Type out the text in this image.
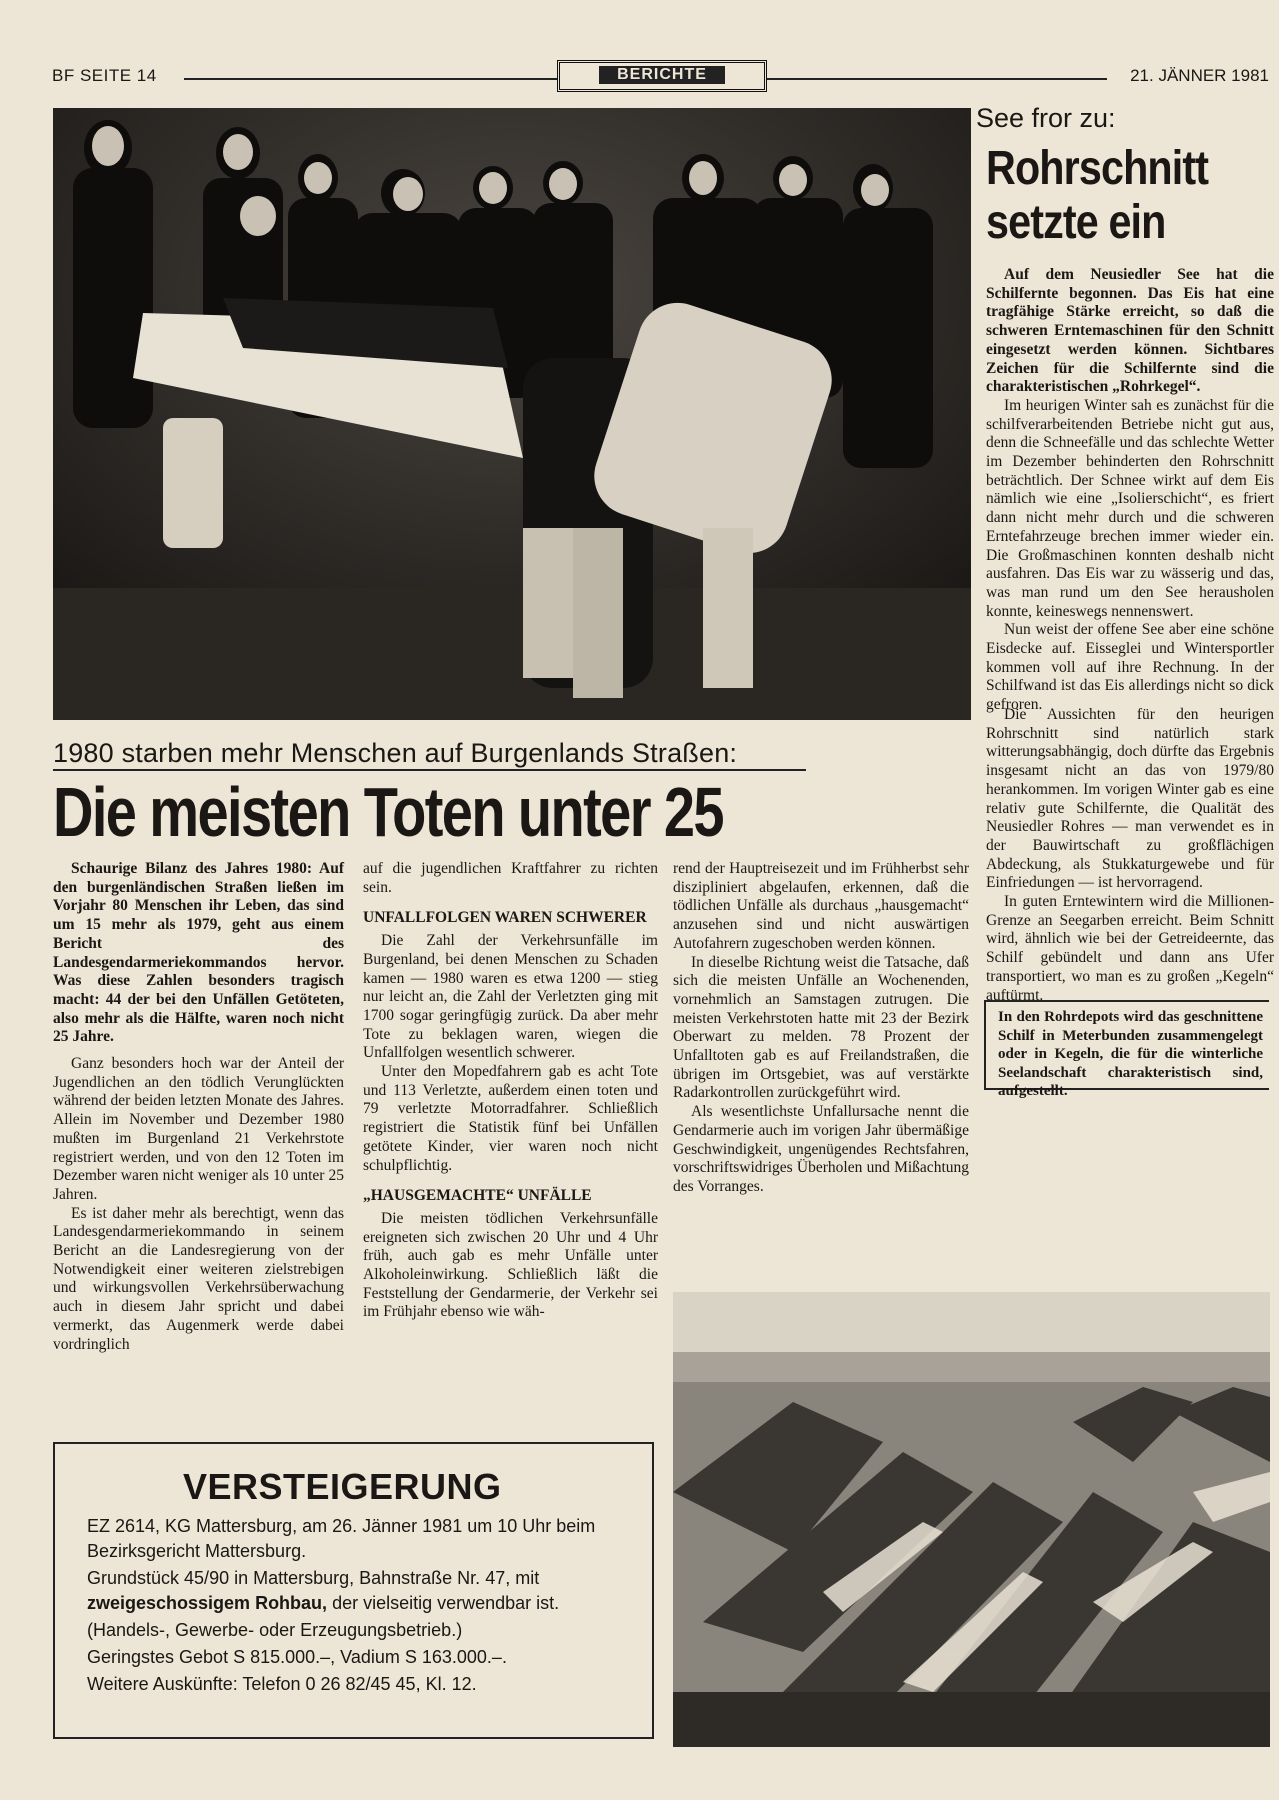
BF SEITE 14	BERICHTE	21. JÄNNER 1981
See fror zu:
Rohrschnitt
setzte ein

Auf dem Neusiedler See hat die Schilfernte begonnen. Das Eis hat eine tragfähige Stärke erreicht, so daß die schweren Erntemaschinen für den Schnitt eingesetzt werden können. Sichtbares Zeichen für die Schilfernte sind die charakteristischen „Rohrkegel“.

Im heurigen Winter sah es zunächst für die schilfverarbeitenden Betriebe nicht gut aus, denn die Schneefälle und das schlechte Wetter im Dezember behinderten den Rohrschnitt beträchtlich. Der Schnee wirkt auf dem Eis nämlich wie eine „Isolierschicht“, es friert dann nicht mehr durch und die schweren Erntefahrzeuge brechen immer wieder ein. Die Großmaschinen konnten deshalb nicht ausfahren. Das Eis war zu wässerig und das, was man rund um den See herausholen konnte, keineswegs nennenswert.

Nun weist der offene See aber eine schöne Eisdecke auf. Eisseglei und Wintersportler kommen voll auf ihre Rechnung. In der Schilfwand ist das Eis allerdings nicht so dick gefroren.

Die Aussichten für den heurigen Rohrschnitt sind natürlich stark witterungsabhängig, doch dürfte das Ergebnis insgesamt nicht an das von 1979/80 herankommen. Im vorigen Winter gab es eine relativ gute Schilfernte, die Qualität des Neusiedler Rohres — man verwendet es in der Bauwirtschaft zu großflächigen Abdeckung, als Stukkaturgewebe und für Einfriedungen — ist hervorragend.

In guten Erntewintern wird die Millionen-Grenze an Seegarben erreicht. Beim Schnitt wird, ähnlich wie bei der Getreideernte, das Schilf gebündelt und dann ans Ufer transportiert, wo man es zu großen „Kegeln“ auftürmt.

In den Rohrdepots wird das geschnittene Schilf in Meterbunden zusammengelegt oder in Kegeln, die für die winterliche Seelandschaft charakteristisch sind, aufgestellt.
1980 starben mehr Menschen auf Burgenlands Straßen:
Die meisten Toten unter 25

Schaurige Bilanz des Jahres 1980: Auf den burgenländischen Straßen ließen im Vorjahr 80 Menschen ihr Leben, das sind um 15 mehr als 1979, geht aus einem Bericht des Landesgendarmeriekommandos hervor. Was diese Zahlen besonders tragisch macht: 44 der bei den Unfällen Getöteten, also mehr als die Hälfte, waren noch nicht 25 Jahre.

Ganz besonders hoch war der Anteil der Jugendlichen an den tödlich Verunglückten während der beiden letzten Monate des Jahres. Allein im November und Dezember 1980 mußten im Burgenland 21 Verkehrstote registriert werden, und von den 12 Toten im Dezember waren nicht weniger als 10 unter 25 Jahren.

Es ist daher mehr als berechtigt, wenn das Landesgendarmeriekommando in seinem Bericht an die Landesregierung von der Notwendigkeit einer weiteren zielstrebigen und wirkungsvollen Verkehrsüberwachung auch in diesem Jahr spricht und dabei vermerkt, das Augenmerk werde dabei vordringlich

auf die jugendlichen Kraftfahrer zu richten sein.

UNFALLFOLGEN WAREN SCHWERER

Die Zahl der Verkehrsunfälle im Burgenland, bei denen Menschen zu Schaden kamen — 1980 waren es etwa 1200 — stieg nur leicht an, die Zahl der Verletzten ging mit 1700 sogar geringfügig zurück. Da aber mehr Tote zu beklagen waren, wiegen die Unfallfolgen wesentlich schwerer.

Unter den Mopedfahrern gab es acht Tote und 113 Verletzte, außerdem einen toten und 79 verletzte Motorradfahrer. Schließlich registriert die Statistik fünf bei Unfällen getötete Kinder, vier waren noch nicht schulpflichtig.

„HAUSGEMACHTE“ UNFÄLLE

Die meisten tödlichen Verkehrsunfälle ereigneten sich zwischen 20 Uhr und 4 Uhr früh, auch gab es mehr Unfälle unter Alkoholeinwirkung. Schließlich läßt die Feststellung der Gendarmerie, der Verkehr sei im Frühjahr ebenso wie wäh-

rend der Hauptreisezeit und im Frühherbst sehr diszipliniert abgelaufen, erkennen, daß die tödlichen Unfälle als durchaus „hausgemacht“ anzusehen sind und nicht auswärtigen Autofahrern zugeschoben werden können.

In dieselbe Richtung weist die Tatsache, daß sich die meisten Unfälle an Wochenenden, vornehmlich an Samstagen zutrugen. Die meisten Verkehrstoten hatte mit 23 der Bezirk Oberwart zu melden. 78 Prozent der Unfalltoten gab es auf Freilandstraßen, die übrigen im Ortsgebiet, was auf verstärkte Radarkontrollen zurückgeführt wird.

Als wesentlichste Unfallursache nennt die Gendarmerie auch im vorigen Jahr übermäßige Geschwindigkeit, ungenügendes Rechtsfahren, vorschriftswidriges Überholen und Mißachtung des Vorranges.

VERSTEIGERUNG
EZ 2614, KG Mattersburg, am 26. Jänner 1981 um 10 Uhr beim Bezirksgericht Mattersburg.
Grundstück 45/90 in Mattersburg, Bahnstraße Nr. 47, mit zweigeschossigem Rohbau, der vielseitig verwendbar ist.
(Handels-, Gewerbe- oder Erzeugungsbetrieb.)
Geringstes Gebot S 815.000.–, Vadium S 163.000.–.
Weitere Auskünfte: Telefon 0 26 82/45 45, Kl. 12.
